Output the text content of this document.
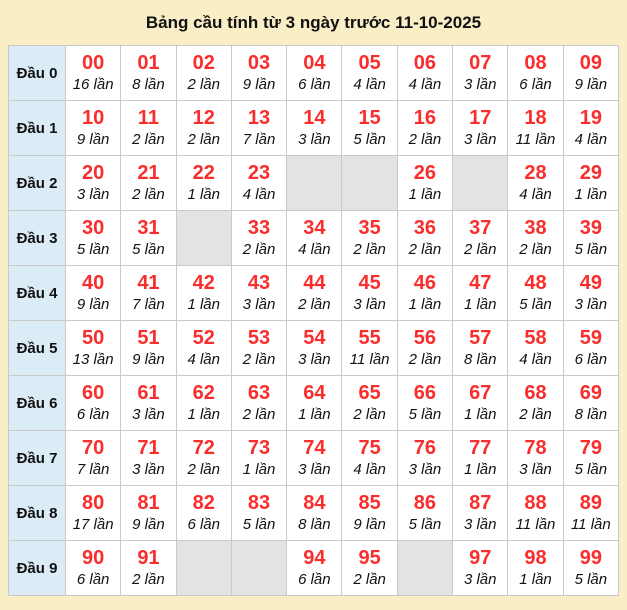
Bảng cầu tính từ 3 ngày trước 11-10-2025
Đầu 0	00
16 lần

01
8 lần

02
2 lần

03
9 lần

04
6 lần

05
4 lần

06
4 lần

07
3 lần

08
6 lần

09
9 lần

Đầu 1	10
9 lần

11
2 lần

12
2 lần

13
7 lần

14
3 lần

15
5 lần

16
2 lần

17
3 lần

18
11 lần

19
4 lần

Đầu 2	20
3 lần

21
2 lần

22
1 lần

23
4 lần

26
1 lần

28
4 lần

29
1 lần

Đầu 3	30
5 lần

31
5 lần

33
2 lần

34
4 lần

35
2 lần

36
2 lần

37
2 lần

38
2 lần

39
5 lần

Đầu 4	40
9 lần

41
7 lần

42
1 lần

43
3 lần

44
2 lần

45
3 lần

46
1 lần

47
1 lần

48
5 lần

49
3 lần

Đầu 5	50
13 lần

51
9 lần

52
4 lần

53
2 lần

54
3 lần

55
11 lần

56
2 lần

57
8 lần

58
4 lần

59
6 lần

Đầu 6	60
6 lần

61
3 lần

62
1 lần

63
2 lần

64
1 lần

65
2 lần

66
5 lần

67
1 lần

68
2 lần

69
8 lần

Đầu 7	70
7 lần

71
3 lần

72
2 lần

73
1 lần

74
3 lần

75
4 lần

76
3 lần

77
1 lần

78
3 lần

79
5 lần

Đầu 8	80
17 lần

81
9 lần

82
6 lần

83
5 lần

84
8 lần

85
9 lần

86
5 lần

87
3 lần

88
11 lần

89
11 lần

Đầu 9	90
6 lần

91
2 lần

94
6 lần

95
2 lần

97
3 lần

98
1 lần

99
5 lần
